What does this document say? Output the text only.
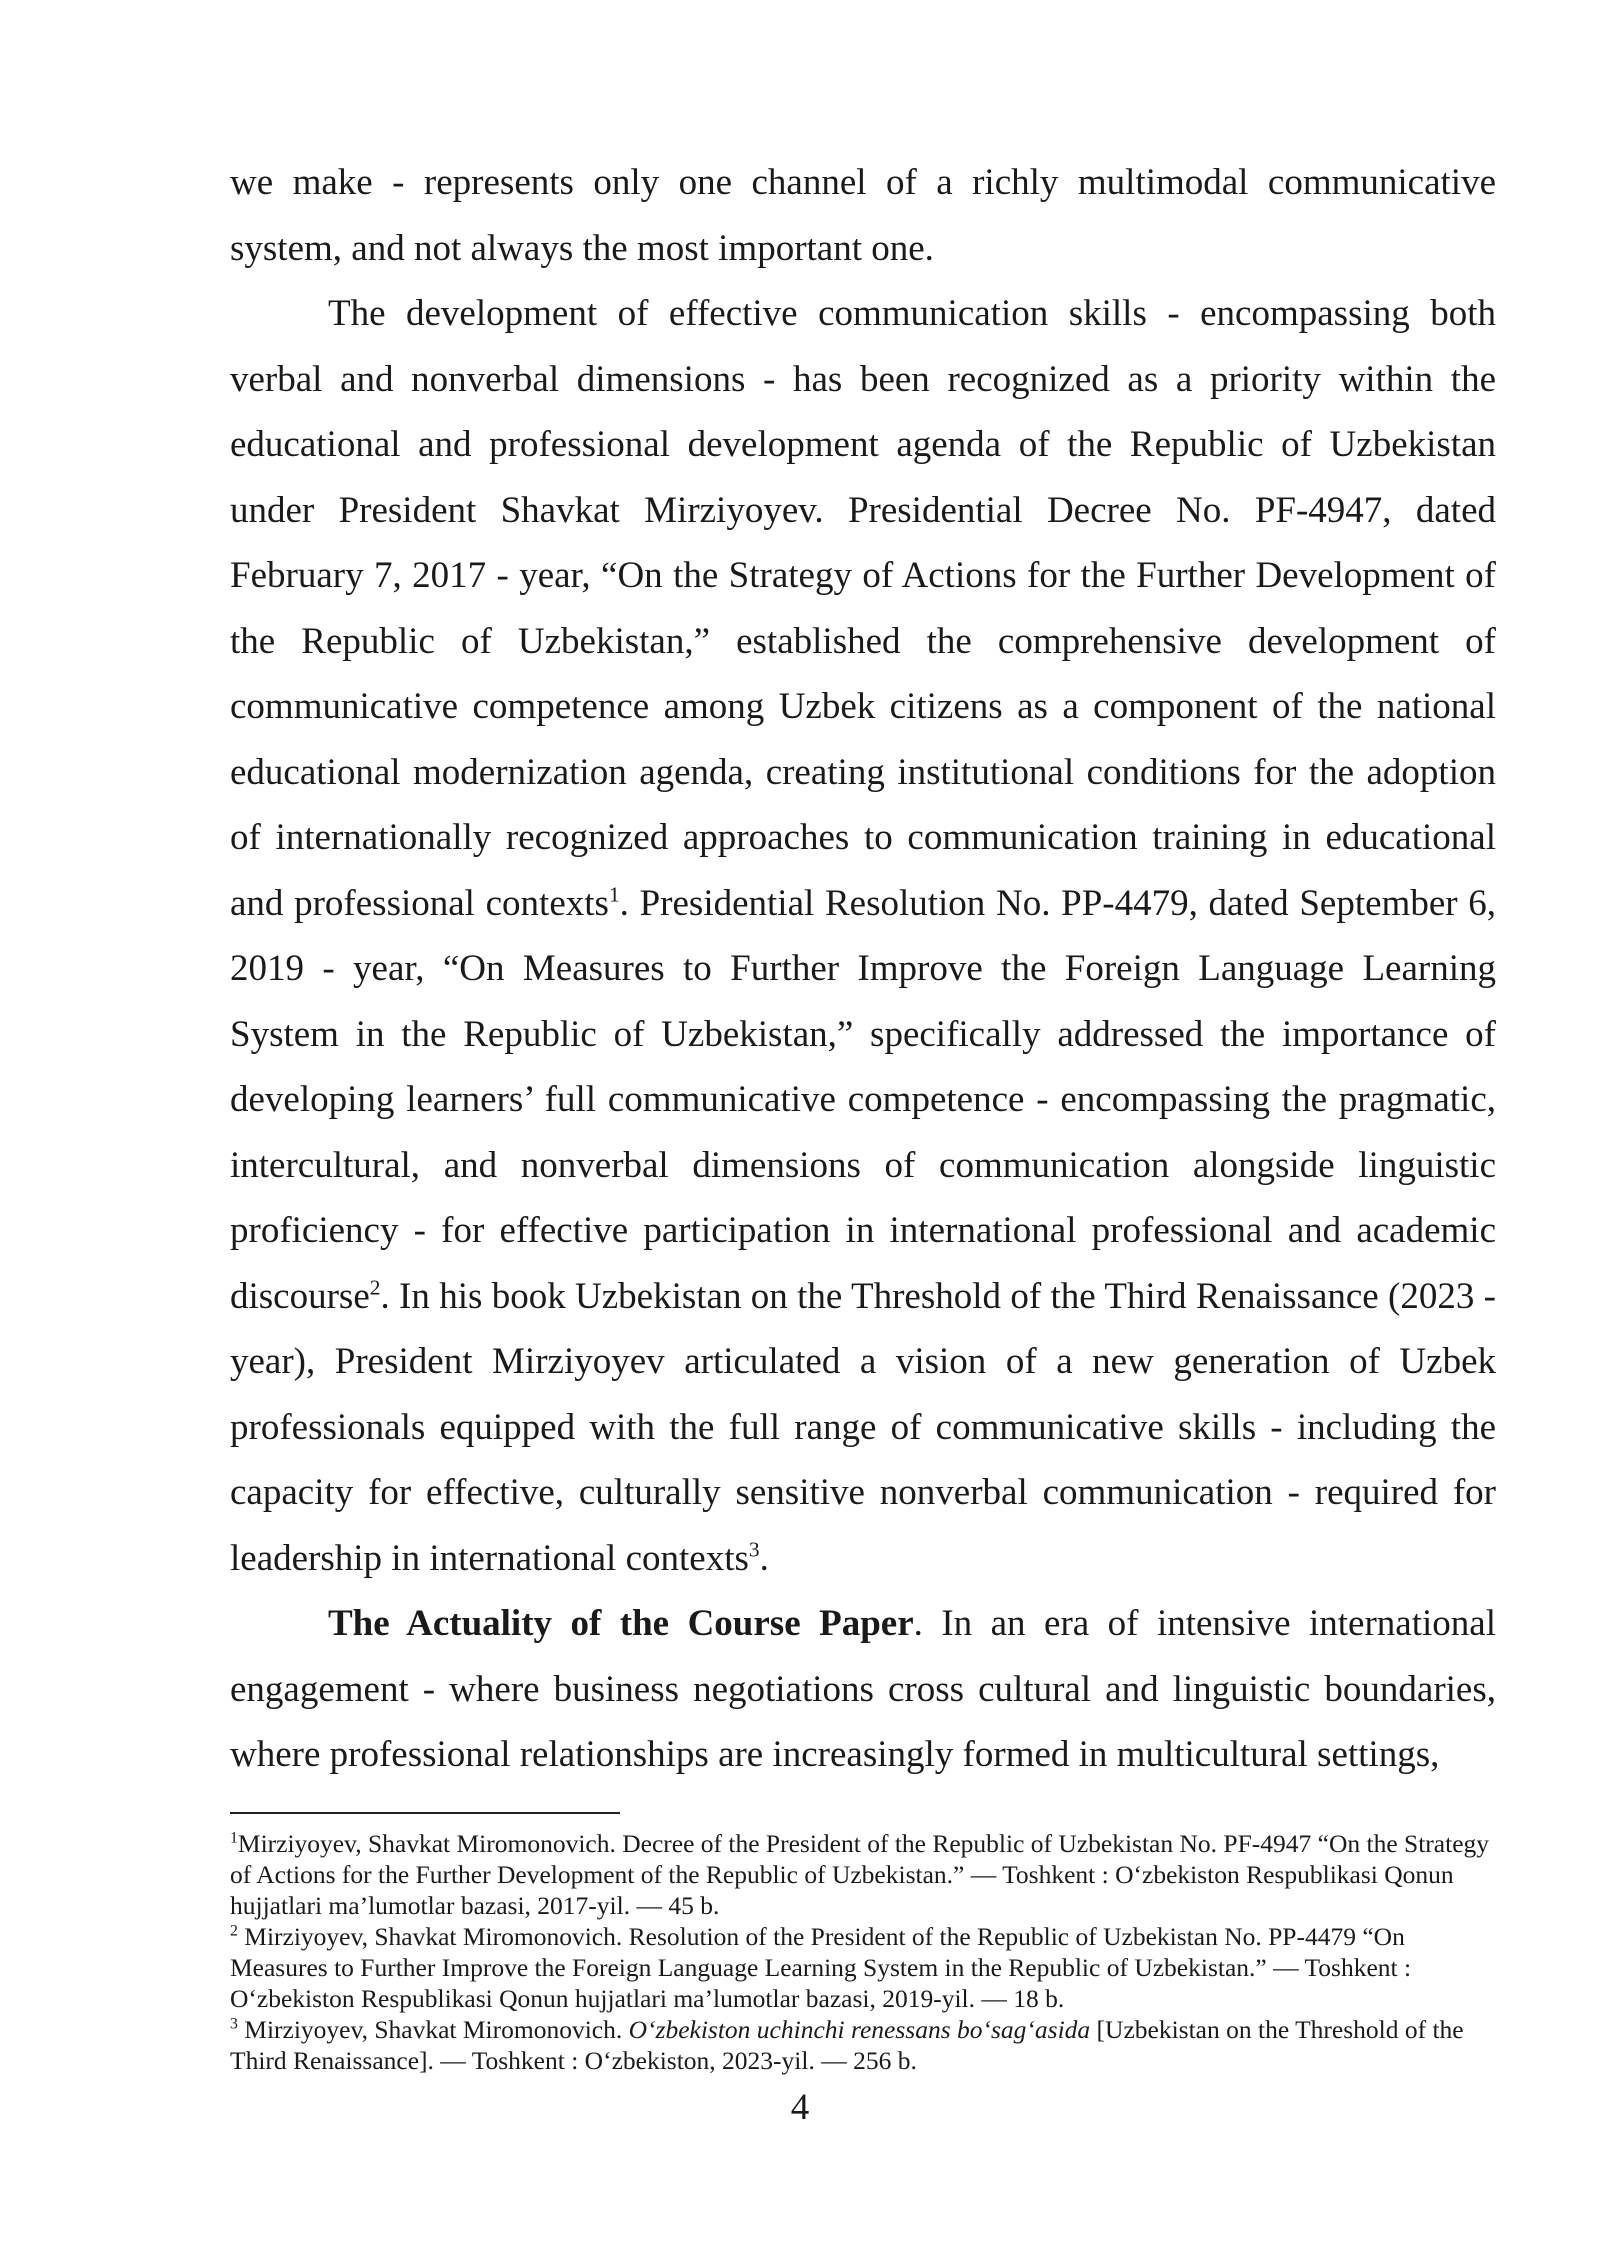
we make - represents only one channel of a richly multimodal communicative system, and not always the most important one.

The development of effective communication skills - encompassing both verbal and nonverbal dimensions - has been recognized as a priority within the educational and professional development agenda of the Republic of Uzbekistan under President Shavkat Mirziyoyev. Presidential Decree No. PF-4947, dated February 7, 2017 - year, “On the Strategy of Actions for the Further Development of the Republic of Uzbekistan,” established the comprehensive development of communicative competence among Uzbek citizens as a component of the national educational modernization agenda, creating institutional conditions for the adoption of internationally recognized approaches to communication training in educational and professional contexts$^1$. Presidential Resolution No. PP-4479, dated September 6, 2019 - year, “On Measures to Further Improve the Foreign Language Learning System in the Republic of Uzbekistan,” specifically addressed the importance of developing learners’ full communicative competence - encompassing the pragmatic, intercultural, and nonverbal dimensions of communication alongside linguistic proficiency - for effective participation in international professional and academic discourse$^2$. In his book Uzbekistan on the Threshold of the Third Renaissance (2023 - year), President Mirziyoyev articulated a vision of a new generation of Uzbek professionals equipped with the full range of communicative skills - including the capacity for effective, culturally sensitive nonverbal communication - required for leadership in international contexts$^3$.

The Actuality of the Course Paper. In an era of intensive international engagement - where business negotiations cross cultural and linguistic boundaries, where professional relationships are increasingly formed in multicultural settings,

$^1$Mirziyoyev, Shavkat Miromonovich. Decree of the President of the Republic of Uzbekistan No. PF-4947 “On the Strategy of Actions for the Further Development of the Republic of Uzbekistan.” — Toshkent : O‘zbekiston Respublikasi Qonun hujjatlari ma’lumotlar bazasi, 2017-yil. — 45 b.

$^2$ Mirziyoyev, Shavkat Miromonovich. Resolution of the President of the Republic of Uzbekistan No. PP-4479 “On Measures to Further Improve the Foreign Language Learning System in the Republic of Uzbekistan.” — Toshkent : O‘zbekiston Respublikasi Qonun hujjatlari ma’lumotlar bazasi, 2019-yil. — 18 b.

$^3$ Mirziyoyev, Shavkat Miromonovich. O‘zbekiston uchinchi renessans bo‘sag‘asida [Uzbekistan on the Threshold of the Third Renaissance]. — Toshkent : O‘zbekiston, 2023-yil. — 256 b.

4
